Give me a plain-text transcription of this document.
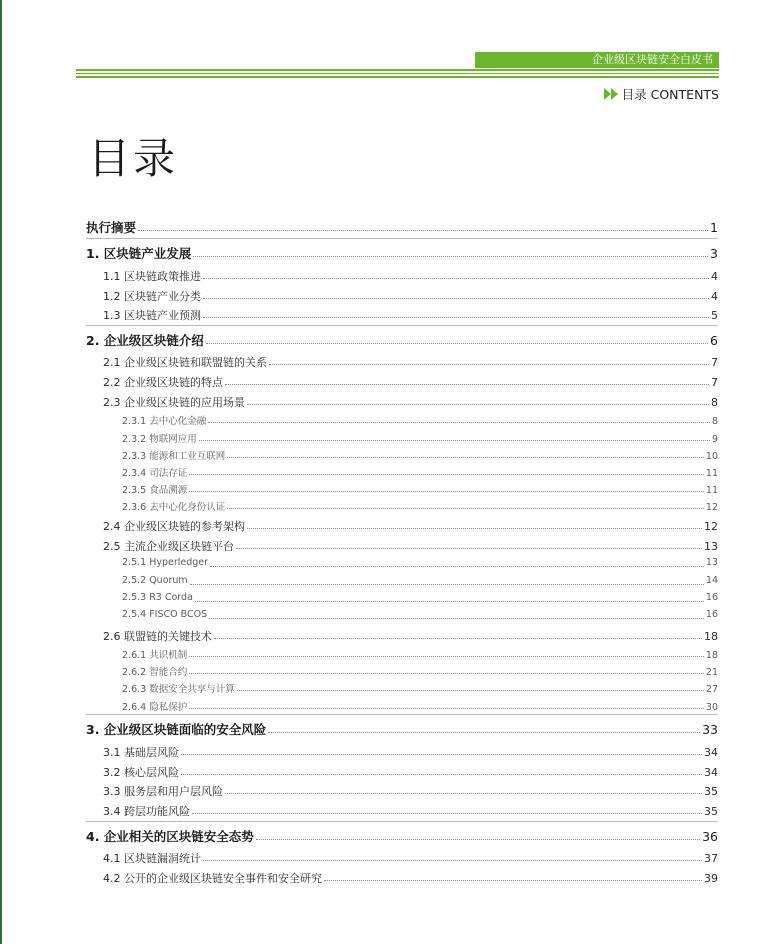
企业级区块链安全白皮书
目录 CONTENTS
目录
执行摘要	1
1. 区块链产业发展	3
1.1 区块链政策推进	4
1.2 区块链产业分类	4
1.3 区块链产业预测	5
2. 企业级区块链介绍	6
2.1 企业级区块链和联盟链的关系	7
2.2 企业级区块链的特点	7
2.3 企业级区块链的应用场景	8
2.3.1 去中心化金融	8
2.3.2 物联网应用	9
2.3.3 能源和工业互联网	10
2.3.4 司法存证	11
2.3.5 食品溯源	11
2.3.6 去中心化身份认证	12
2.4 企业级区块链的参考架构	12
2.5 主流企业级区块链平台	13
2.5.1 Hyperledger	13
2.5.2 Quorum	14
2.5.3 R3 Corda	16
2.5.4 FISCO BCOS	16
2.6 联盟链的关键技术	18
2.6.1 共识机制	18
2.6.2 智能合约	21
2.6.3 数据安全共享与计算	27
2.6.4 隐私保护	30
3. 企业级区块链面临的安全风险	33
3.1 基础层风险	34
3.2 核心层风险	34
3.3 服务层和用户层风险	35
3.4 跨层功能风险	35
4. 企业相关的区块链安全态势	36
4.1 区块链漏洞统计	37
4.2 公开的企业级区块链安全事件和安全研究	39
